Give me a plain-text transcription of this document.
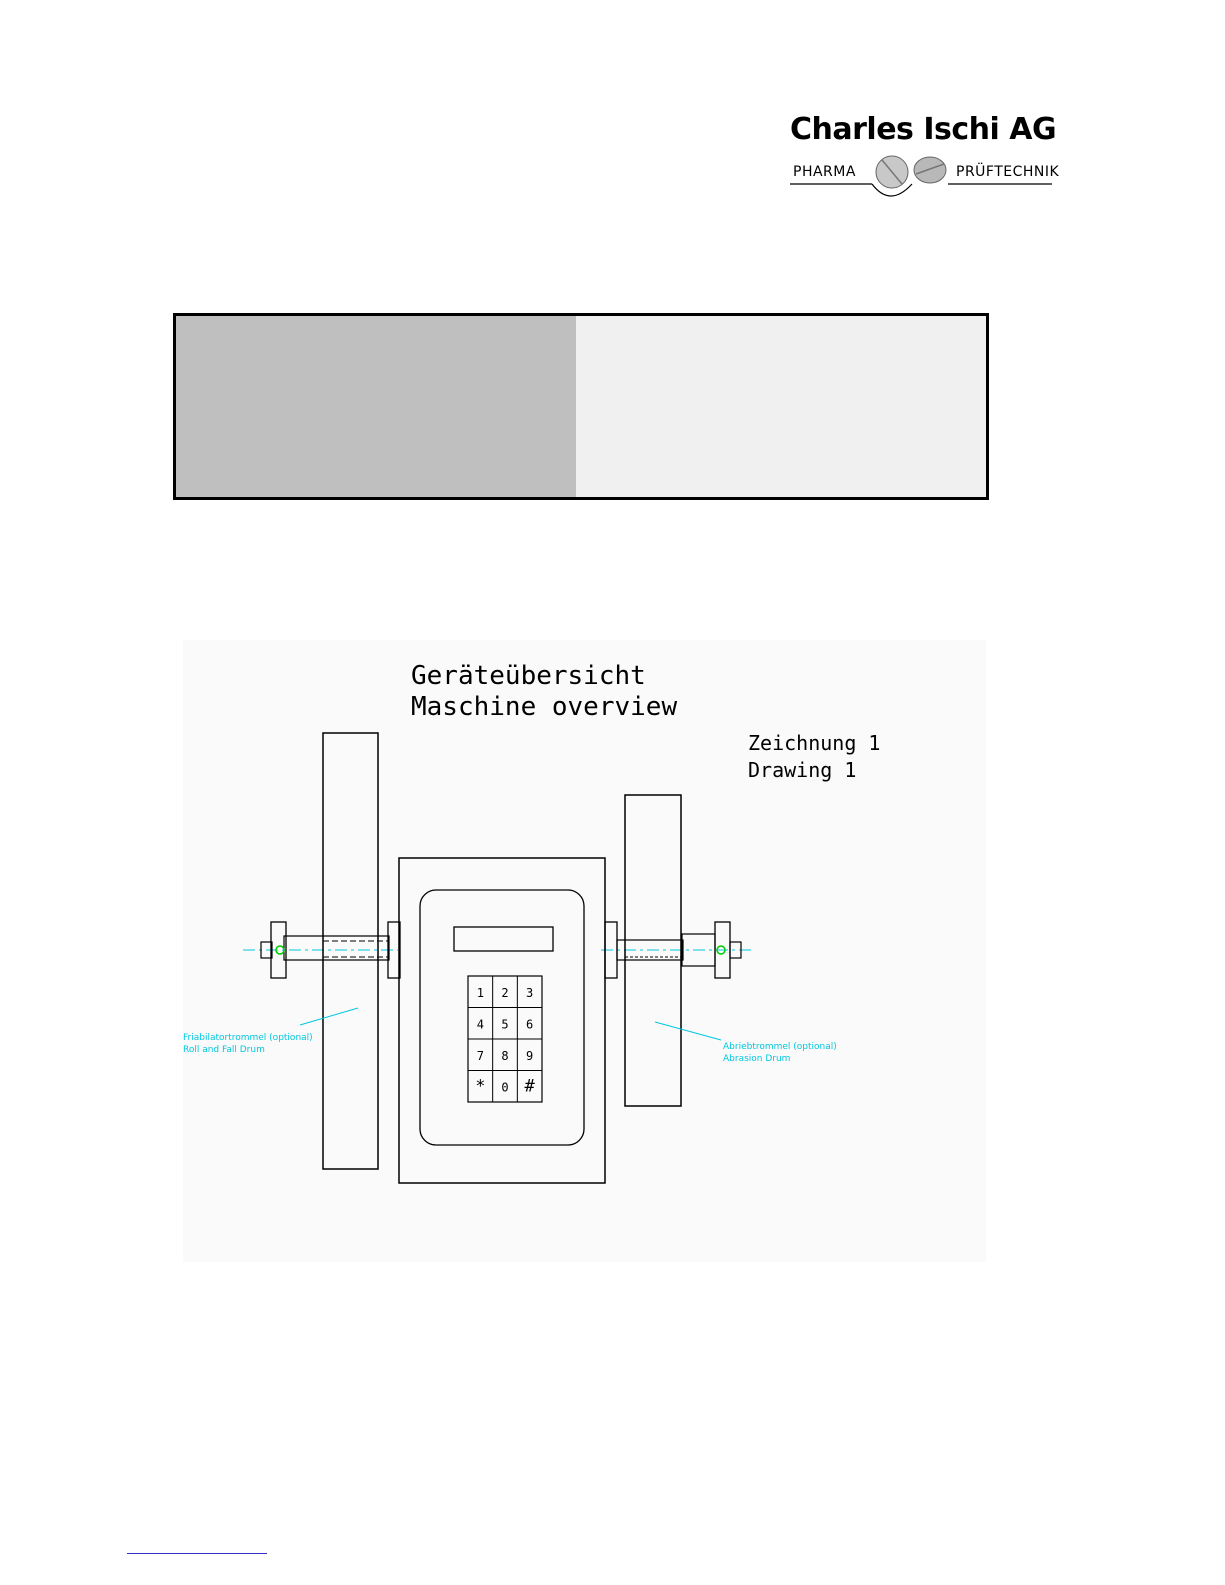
Charles Ischi AG
PHARMA	PRÜFTECHNIK
Geräteübersicht
Maschine overview
Zeichnung 1
Drawing 1
1 2 3
4 5 6
7 8 9
* 0 #
Friabilatortrommel (optional)
Roll and Fall Drum	Abriebtrommel (optional)
Abrasion Drum
